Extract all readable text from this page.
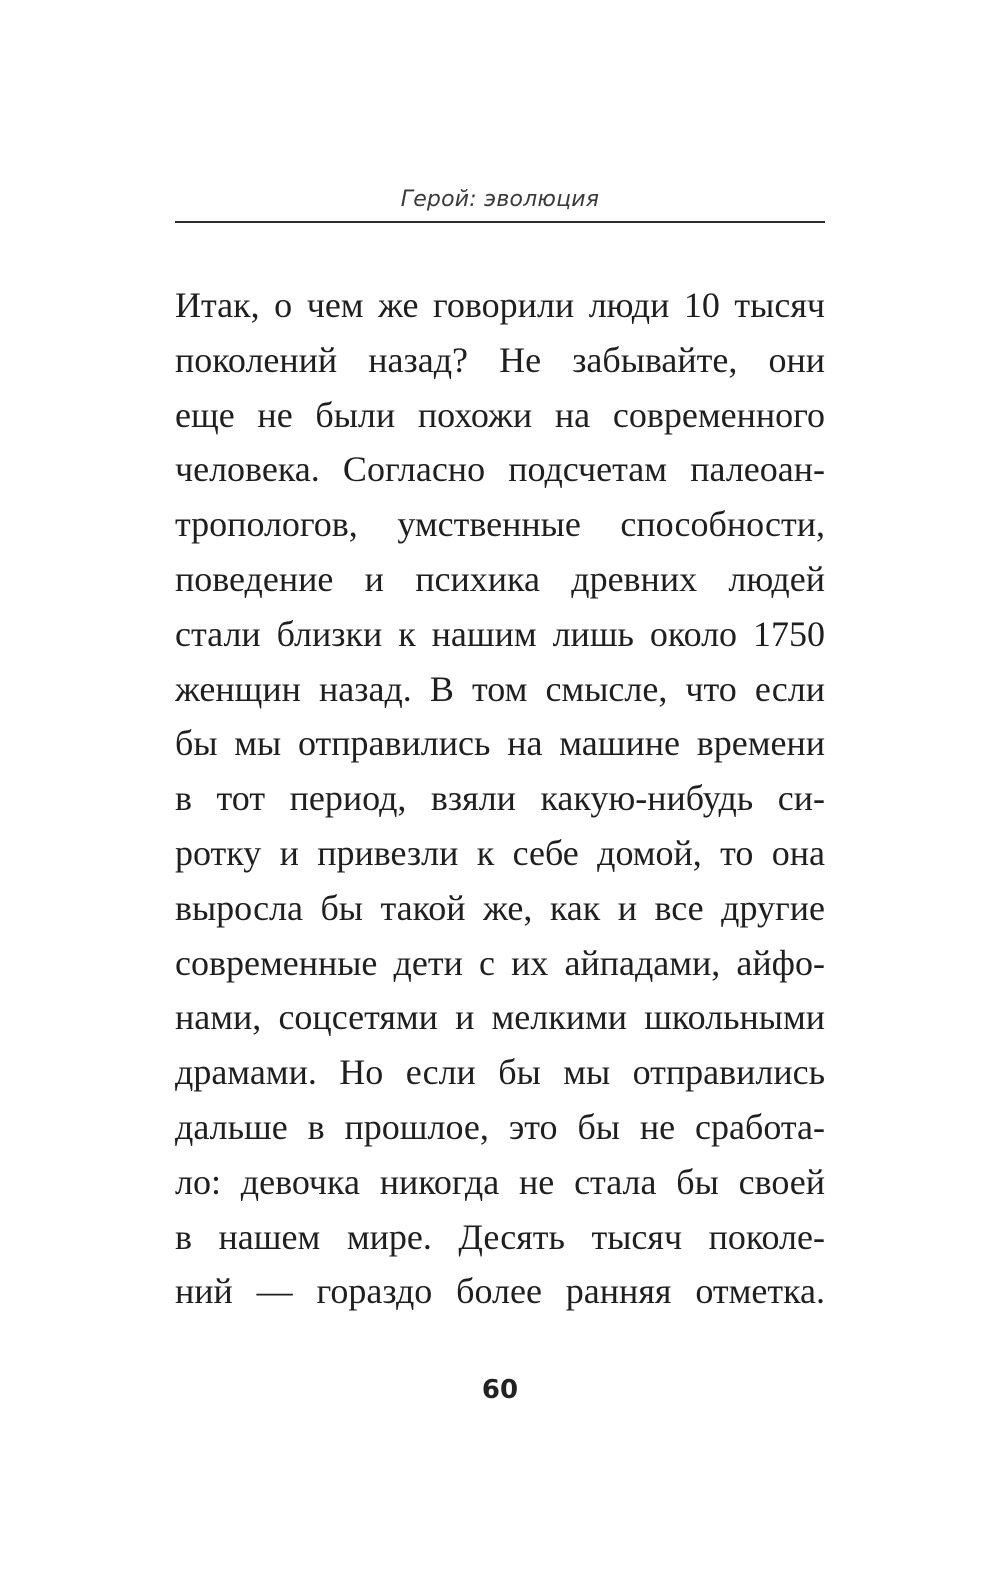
Герой: эволюция
Итак, о чем же говорили люди 10 тысяч
поколений назад? Не забывайте, они
еще не были похожи на современного
человека. Согласно подсчетам палеоан-
тропологов, умственные способности,
поведение и психика древних людей
стали близки к нашим лишь около 1750
женщин назад. В том смысле, что если
бы мы отправились на машине времени
в тот период, взяли какую-нибудь си-
ротку и привезли к себе домой, то она
выросла бы такой же, как и все другие
современные дети с их айпадами, айфо-
нами, соцсетями и мелкими школьными
драмами. Но если бы мы отправились
дальше в прошлое, это бы не сработа-
ло: девочка никогда не стала бы своей
в нашем мире. Десять тысяч поколе-
ний — гораздо более ранняя отметка.
60
